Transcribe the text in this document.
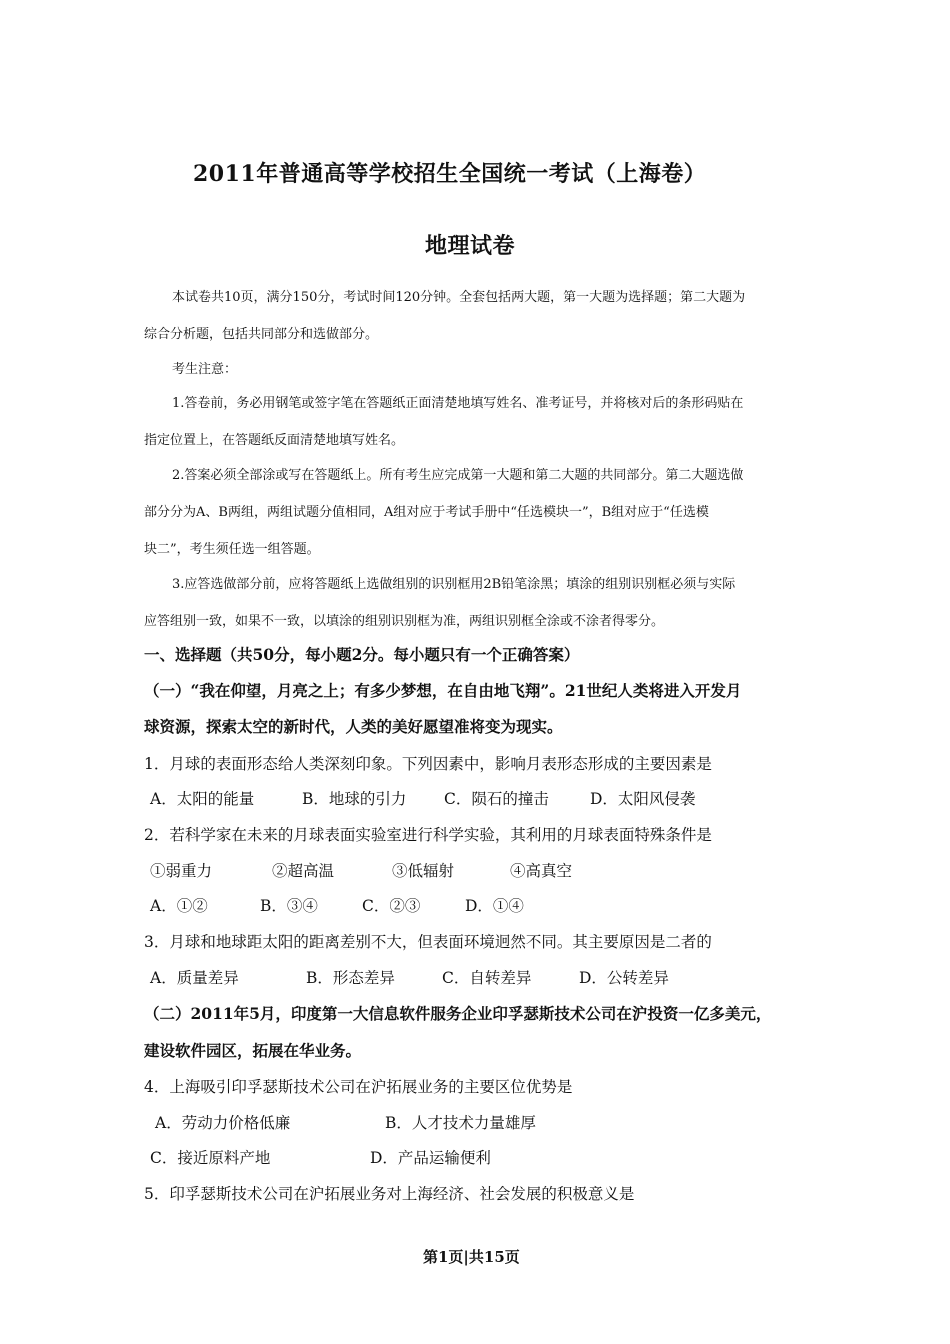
2011年普通高等学校招生全国统一考试（上海卷）
地理试卷
本试卷共10页，满分150分，考试时间120分钟。全套包括两大题，第一大题为选择题；第二大题为
综合分析题，包括共同部分和选做部分。
考生注意：
1.答卷前，务必用钢笔或签字笔在答题纸正面清楚地填写姓名、准考证号，并将核对后的条形码贴在
指定位置上，在答题纸反面清楚地填写姓名。
2.答案必须全部涂或写在答题纸上。所有考生应完成第一大题和第二大题的共同部分。第二大题选做
部分分为A、B两组，两组试题分值相同，A组对应于考试手册中“任选模块一”，B组对应于“任选模
块二”，考生须任选一组答题。
3.应答选做部分前，应将答题纸上选做组别的识别框用2B铅笔涂黑；填涂的组别识别框必须与实际
应答组别一致，如果不一致，以填涂的组别识别框为准，两组识别框全涂或不涂者得零分。
一、选择题（共50分，每小题2分。每小题只有一个正确答案）
（一）“我在仰望，月亮之上；有多少梦想，在自由地飞翔”。21世纪人类将进入开发月
球资源，探索太空的新时代，人类的美好愿望准将变为现实。
1．月球的表面形态给人类深刻印象。下列因素中，影响月表形态形成的主要因素是
A．太阳的能量	B．地球的引力 C．陨石的撞击	D．太阳风侵袭
2．若科学家在未来的月球表面实验室进行科学实验，其利用的月球表面特殊条件是
①弱重力	②超高温	③低辐射	④高真空
A．①②	B．③④	C．②③	D．①④
3．月球和地球距太阳的距离差别不大，但表面环境迥然不同。其主要原因是二者的
A．质量差异	B．形态差异	C．自转差异	D．公转差异
（二）2011年5月，印度第一大信息软件服务企业印孚瑟斯技术公司在沪投资一亿多美元，
建设软件园区，拓展在华业务。
4．上海吸引印孚瑟斯技术公司在沪拓展业务的主要区位优势是
A．劳动力价格低廉	B．人才技术力量雄厚
C．接近原料产地	D．产品运输便利
5．印孚瑟斯技术公司在沪拓展业务对上海经济、社会发展的积极意义是
第1页|共15页
